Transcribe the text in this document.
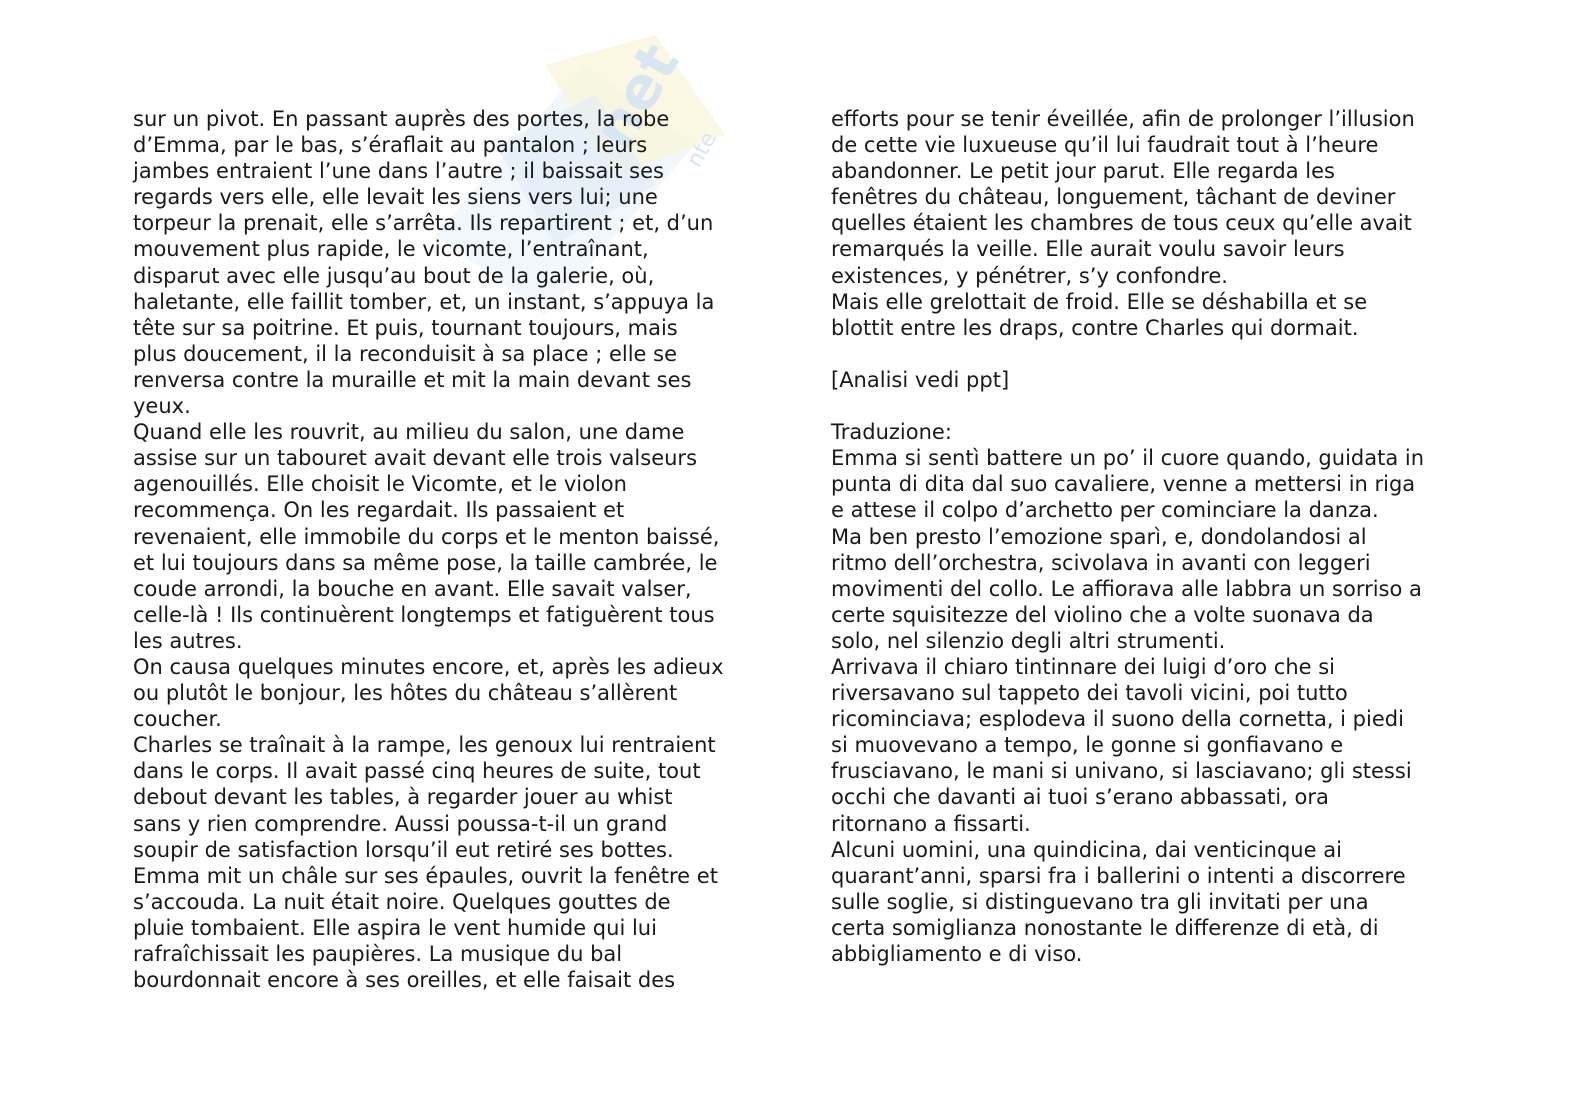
net
nte
sur un pivot. En passant auprès des portes, la robe
d’Emma, par le bas, s’éraflait au pantalon ; leurs
jambes entraient l’une dans l’autre ; il baissait ses
regards vers elle, elle levait les siens vers lui; une
torpeur la prenait, elle s’arrêta. Ils repartirent ; et, d’un
mouvement plus rapide, le vicomte, l’entraînant,
disparut avec elle jusqu’au bout de la galerie, où,
haletante, elle faillit tomber, et, un instant, s’appuya la
tête sur sa poitrine. Et puis, tournant toujours, mais
plus doucement, il la reconduisit à sa place ; elle se
renversa contre la muraille et mit la main devant ses
yeux.
Quand elle les rouvrit, au milieu du salon, une dame
assise sur un tabouret avait devant elle trois valseurs
agenouillés. Elle choisit le Vicomte, et le violon
recommença. On les regardait. Ils passaient et
revenaient, elle immobile du corps et le menton baissé,
et lui toujours dans sa même pose, la taille cambrée, le
coude arrondi, la bouche en avant. Elle savait valser,
celle-là ! Ils continuèrent longtemps et fatiguèrent tous
les autres.
On causa quelques minutes encore, et, après les adieux
ou plutôt le bonjour, les hôtes du château s’allèrent
coucher.
Charles se traînait à la rampe, les genoux lui rentraient
dans le corps. Il avait passé cinq heures de suite, tout
debout devant les tables, à regarder jouer au whist
sans y rien comprendre. Aussi poussa-t-il un grand
soupir de satisfaction lorsqu’il eut retiré ses bottes.
Emma mit un châle sur ses épaules, ouvrit la fenêtre et
s’accouda. La nuit était noire. Quelques gouttes de
pluie tombaient. Elle aspira le vent humide qui lui
rafraîchissait les paupières. La musique du bal
bourdonnait encore à ses oreilles, et elle faisait des
efforts pour se tenir éveillée, afin de prolonger l’illusion
de cette vie luxueuse qu’il lui faudrait tout à l’heure
abandonner. Le petit jour parut. Elle regarda les
fenêtres du château, longuement, tâchant de deviner
quelles étaient les chambres de tous ceux qu’elle avait
remarqués la veille. Elle aurait voulu savoir leurs
existences, y pénétrer, s’y confondre.
Mais elle grelottait de froid. Elle se déshabilla et se
blottit entre les draps, contre Charles qui dormait.
[Analisi vedi ppt]
Traduzione:
Emma si sentì battere un po’ il cuore quando, guidata in
punta di dita dal suo cavaliere, venne a mettersi in riga
e attese il colpo d’archetto per cominciare la danza.
Ma ben presto l’emozione sparì, e, dondolandosi al
ritmo dell’orchestra, scivolava in avanti con leggeri
movimenti del collo. Le affiorava alle labbra un sorriso a
certe squisitezze del violino che a volte suonava da
solo, nel silenzio degli altri strumenti.
Arrivava il chiaro tintinnare dei luigi d’oro che si
riversavano sul tappeto dei tavoli vicini, poi tutto
ricominciava; esplodeva il suono della cornetta, i piedi
si muovevano a tempo, le gonne si gonfiavano e
frusciavano, le mani si univano, si lasciavano; gli stessi
occhi che davanti ai tuoi s’erano abbassati, ora
ritornano a fissarti.
Alcuni uomini, una quindicina, dai venticinque ai
quarant’anni, sparsi fra i ballerini o intenti a discorrere
sulle soglie, si distinguevano tra gli invitati per una
certa somiglianza nonostante le differenze di età, di
abbigliamento e di viso.
